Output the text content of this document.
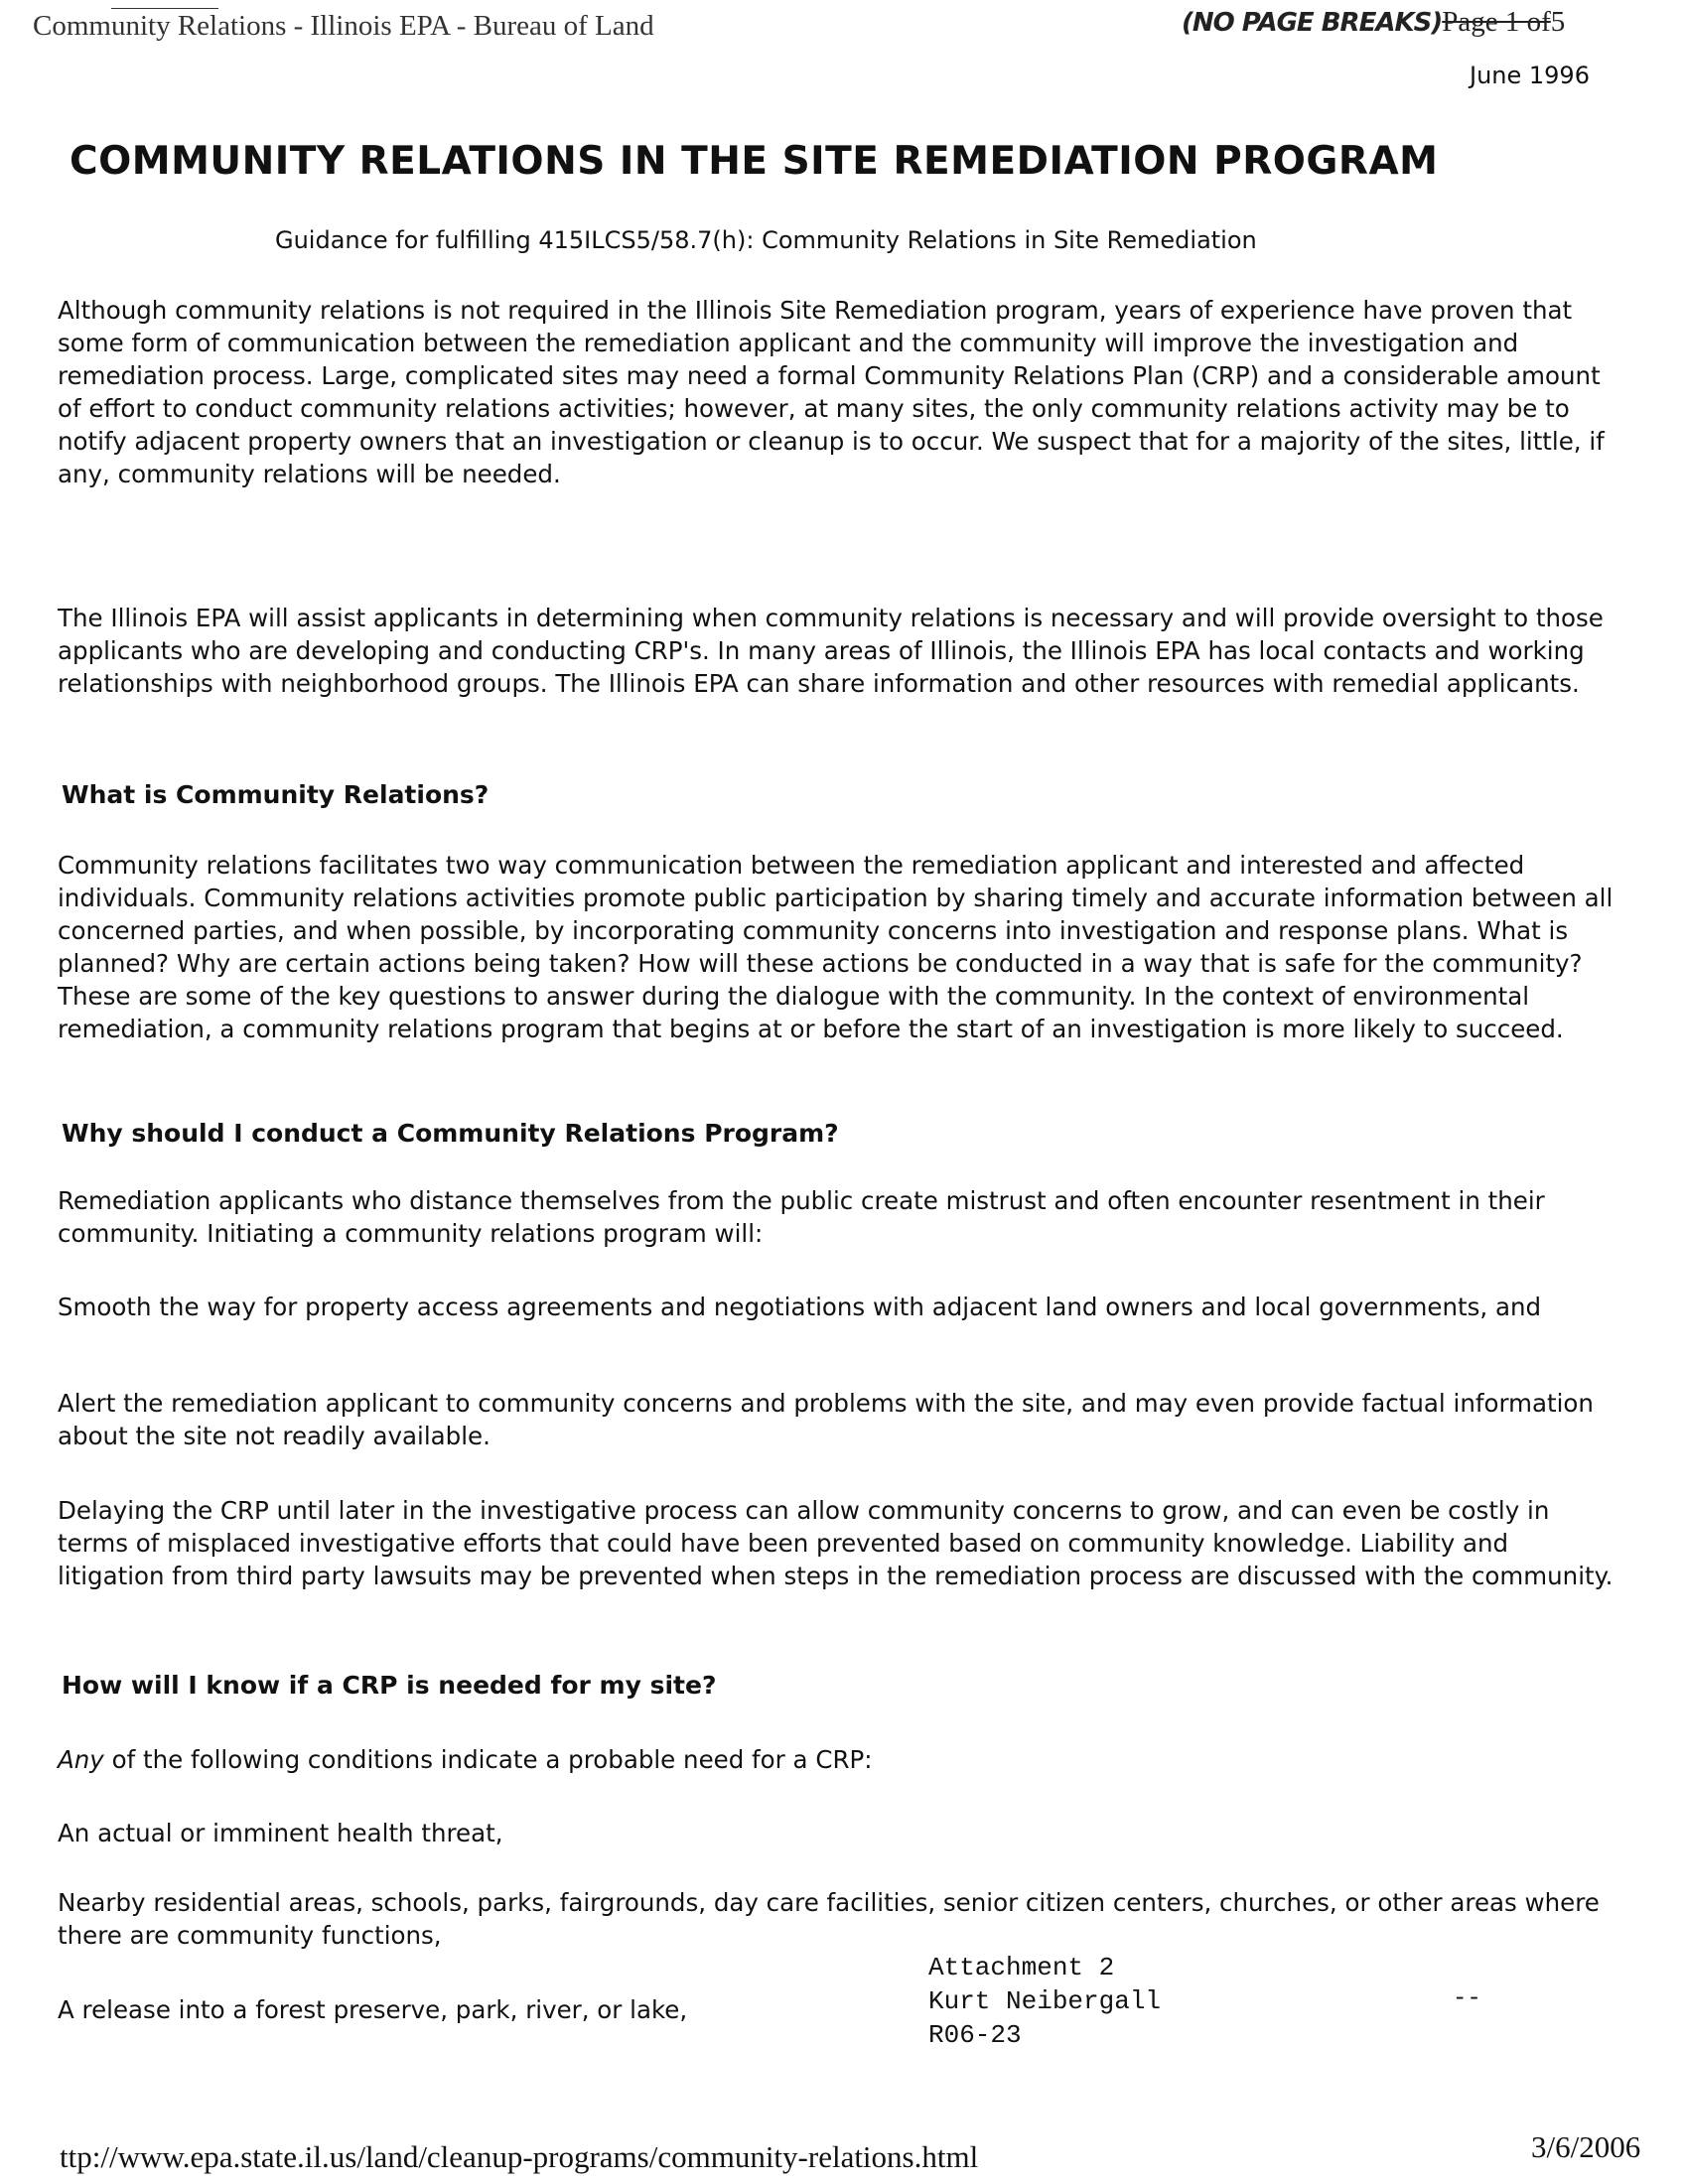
Community Relations - Illinois EPA - Bureau of Land	(NO PAGE BREAKS)Page 1 of5
June 1996
COMMUNITY RELATIONS IN THE SITE REMEDIATION PROGRAM
Guidance for fulfilling 415ILCS5/58.7(h): Community Relations in Site Remediation
Although community relations is not required in the Illinois Site Remediation program, years of experience have proven that some form of communication between the remediation applicant and the community will improve the investigation and remediation process. Large, complicated sites may need a formal Community Relations Plan (CRP) and a considerable amount of effort to conduct community relations activities; however, at many sites, the only community relations activity may be to notify adjacent property owners that an investigation or cleanup is to occur. We suspect that for a majority of the sites, little, if any, community relations will be needed.
The Illinois EPA will assist applicants in determining when community relations is necessary and will provide oversight to those applicants who are developing and conducting CRP's. In many areas of Illinois, the Illinois EPA has local contacts and working relationships with neighborhood groups. The Illinois EPA can share information and other resources with remedial applicants.
What is Community Relations?
Community relations facilitates two way communication between the remediation applicant and interested and affected individuals. Community relations activities promote public participation by sharing timely and accurate information between all concerned parties, and when possible, by incorporating community concerns into investigation and response plans. What is planned? Why are certain actions being taken? How will these actions be conducted in a way that is safe for the community? These are some of the key questions to answer during the dialogue with the community. In the context of environmental remediation, a community relations program that begins at or before the start of an investigation is more likely to succeed.
Why should I conduct a Community Relations Program?
Remediation applicants who distance themselves from the public create mistrust and often encounter resentment in their community. Initiating a community relations program will:
Smooth the way for property access agreements and negotiations with adjacent land owners and local governments, and
Alert the remediation applicant to community concerns and problems with the site, and may even provide factual information about the site not readily available.
Delaying the CRP until later in the investigative process can allow community concerns to grow, and can even be costly in terms of misplaced investigative efforts that could have been prevented based on community knowledge. Liability and litigation from third party lawsuits may be prevented when steps in the remediation process are discussed with the community.
How will I know if a CRP is needed for my site?
Any of the following conditions indicate a probable need for a CRP:
An actual or imminent health threat,
Nearby residential areas, schools, parks, fairgrounds, day care facilities, senior citizen centers, churches, or other areas where there are community functions,
A release into a forest preserve, park, river, or lake,
Attachment 2
Kurt Neibergall
R06-23
--
ttp://www.epa.state.il.us/land/cleanup-programs/community-relations.html	3/6/2006
